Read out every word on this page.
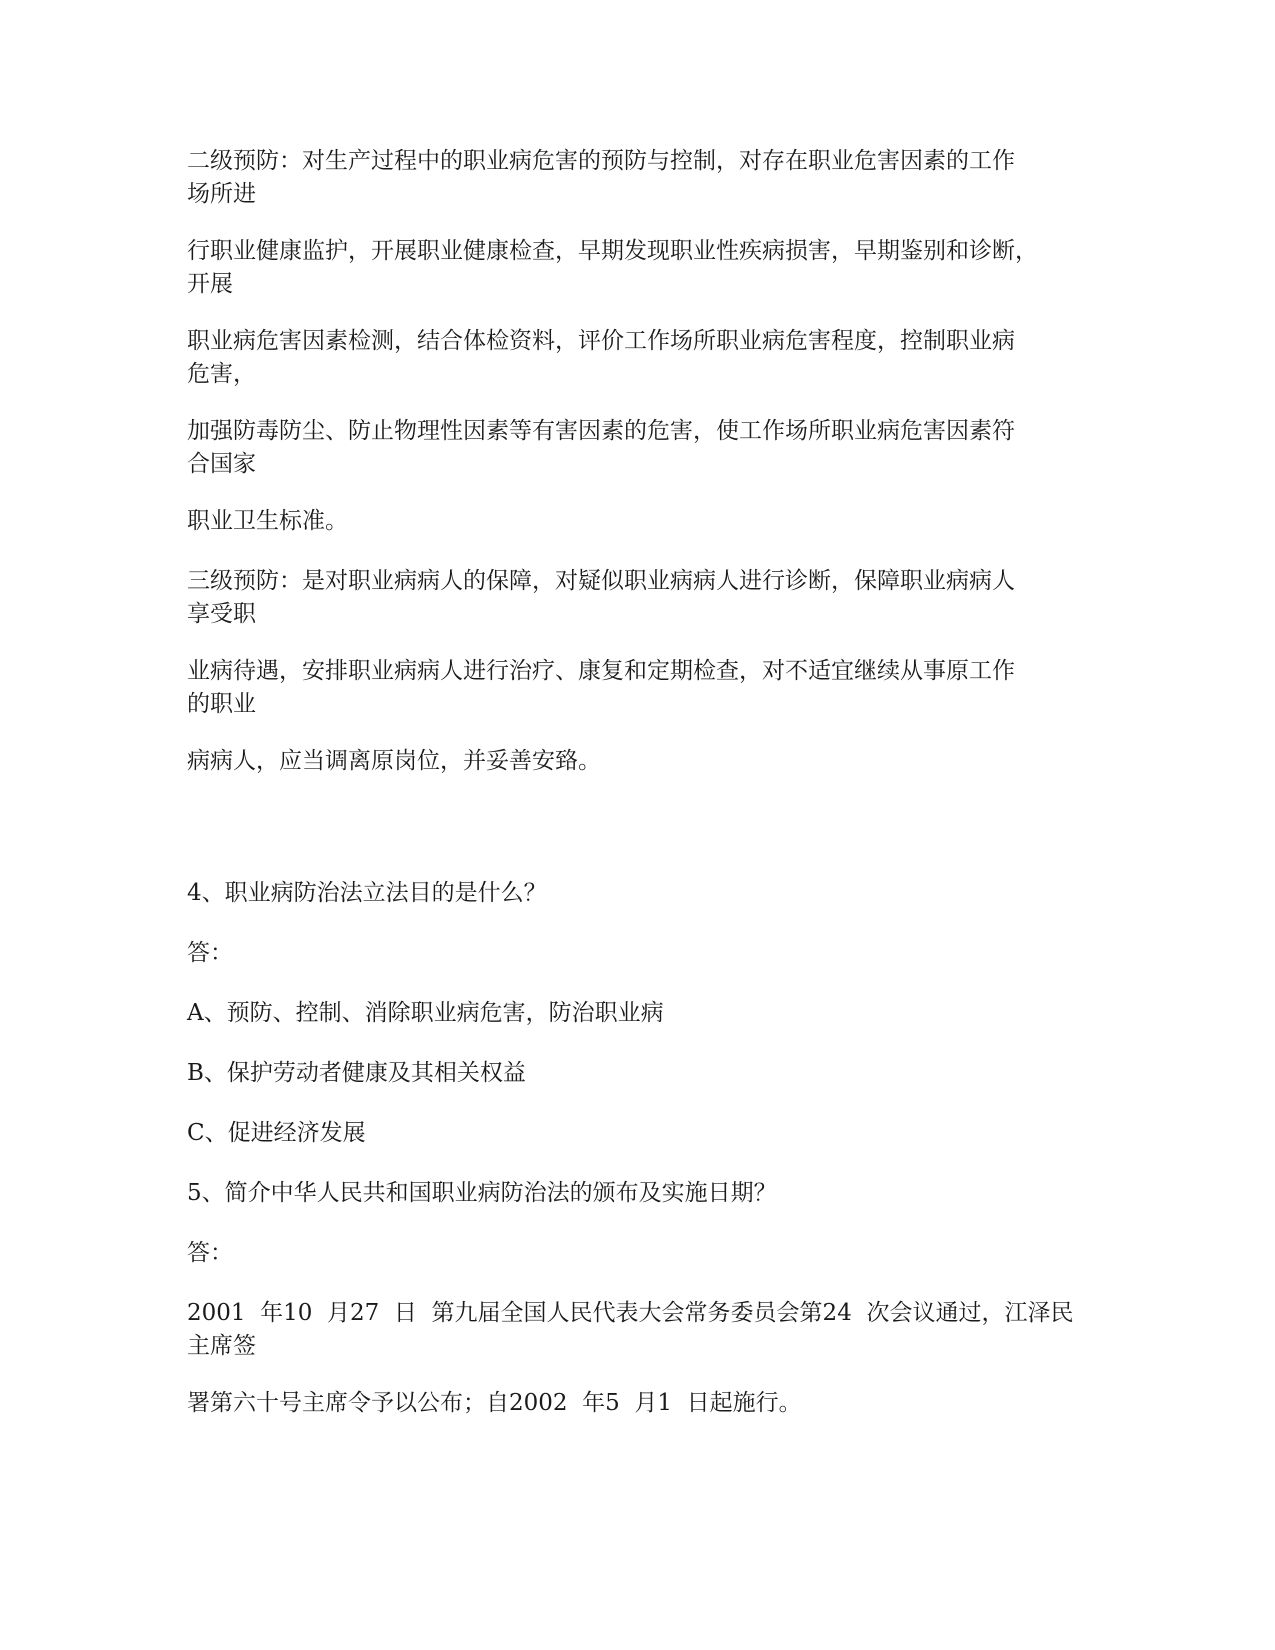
二级预防：对生产过程中的职业病危害的预防与控制，对存在职业危害因素的工作
场所进

行职业健康监护，开展职业健康检查，早期发现职业性疾病损害，早期鉴别和诊断，
开展

职业病危害因素检测，结合体检资料，评价工作场所职业病危害程度，控制职业病
危害，

加强防毒防尘、防止物理性因素等有害因素的危害，使工作场所职业病危害因素符
合国家

职业卫生标准。

三级预防：是对职业病病人的保障，对疑似职业病病人进行诊断，保障职业病病人
享受职

业病待遇，安排职业病病人进行治疗、康复和定期检查，对不适宜继续从事原工作
的职业

病病人，应当调离原岗位，并妥善安臵。

4、职业病防治法立法目的是什么？

答：

A、预防、控制、消除职业病危害，防治职业病

B、保护劳动者健康及其相关权益

C、促进经济发展

5、简介中华人民共和国职业病防治法的颁布及实施日期？

答：

2001  年10  月27  日  第九届全国人民代表大会常务委员会第24  次会议通过，江泽民
主席签

署第六十号主席令予以公布；自2002  年5  月1  日起施行。
